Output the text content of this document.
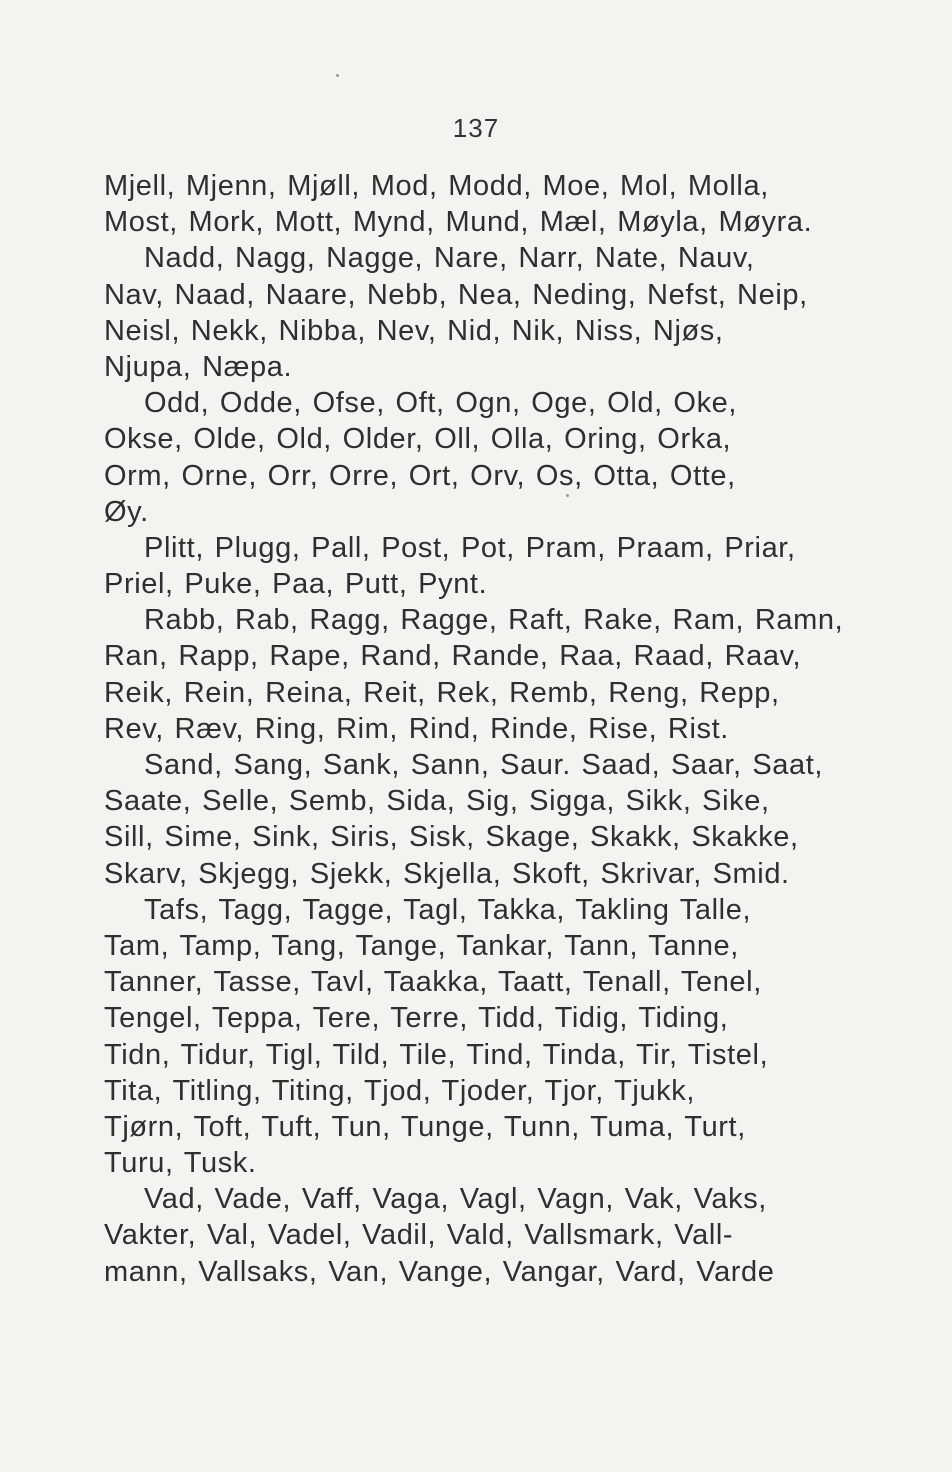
137
Mjell, Mjenn, Mjøll, Mod, Modd, Moe, Mol, Molla,
Most, Mork, Mott, Mynd, Mund, Mæl, Møyla, Møyra.
Nadd, Nagg, Nagge, Nare, Narr, Nate, Nauv,
Nav, Naad, Naare, Nebb, Nea, Neding, Nefst, Neip,
Neisl, Nekk, Nibba, Nev, Nid, Nik, Niss, Njøs,
Njupa, Næpa.
Odd, Odde, Ofse, Oft, Ogn, Oge, Old, Oke,
Okse, Olde, Old, Older, Oll, Olla, Oring, Orka,
Orm, Orne, Orr, Orre, Ort, Orv, Os, Otta, Otte,
Øy.
Plitt, Plugg, Pall, Post, Pot, Pram, Praam, Priar,
Priel, Puke, Paa, Putt, Pynt.
Rabb, Rab, Ragg, Ragge, Raft, Rake, Ram, Ramn,
Ran, Rapp, Rape, Rand, Rande, Raa, Raad, Raav,
Reik, Rein, Reina, Reit, Rek, Remb, Reng, Repp,
Rev, Ræv, Ring, Rim, Rind, Rinde, Rise, Rist.
Sand, Sang, Sank, Sann, Saur. Saad, Saar, Saat,
Saate, Selle, Semb, Sida, Sig, Sigga, Sikk, Sike,
Sill, Sime, Sink, Siris, Sisk, Skage, Skakk, Skakke,
Skarv, Skjegg, Sjekk, Skjella, Skoft, Skrivar, Smid.
Tafs, Tagg, Tagge, Tagl, Takka, Takling Talle,
Tam, Tamp, Tang, Tange, Tankar, Tann, Tanne,
Tanner, Tasse, Tavl, Taakka, Taatt, Tenall, Tenel,
Tengel, Teppa, Tere, Terre, Tidd, Tidig, Tiding,
Tidn, Tidur, Tigl, Tild, Tile, Tind, Tinda, Tir, Tistel,
Tita, Titling, Titing, Tjod, Tjoder, Tjor, Tjukk,
Tjørn, Toft, Tuft, Tun, Tunge, Tunn, Tuma, Turt,
Turu, Tusk.
Vad, Vade, Vaff, Vaga, Vagl, Vagn, Vak, Vaks,
Vakter, Val, Vadel, Vadil, Vald, Vallsmark, Vall-
mann, Vallsaks, Van, Vange, Vangar, Vard, Varde
